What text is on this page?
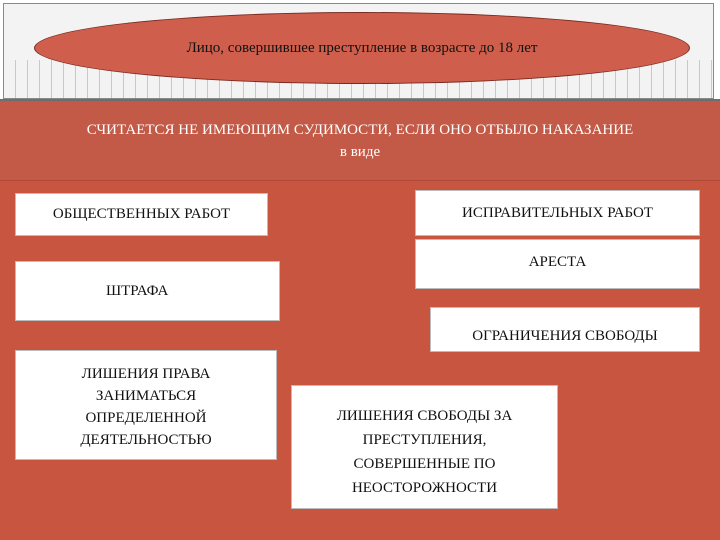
Лицо, совершившее преступление в возрасте до 18 лет
СЧИТАЕТСЯ НЕ ИМЕЮЩИМ СУДИМОСТИ, ЕСЛИ ОНО ОТБЫЛО НАКАЗАНИЕ
в виде
ОБЩЕСТВЕННЫХ РАБОТ	ИСПРАВИТЕЛЬНЫХ РАБОТ
АРЕСТА
ШТРАФА
ОГРАНИЧЕНИЯ СВОБОДЫ
ЛИШЕНИЯ ПРАВА
ЗАНИМАТЬСЯ
ОПРЕДЕЛЕННОЙ
ДЕЯТЕЛЬНОСТЬЮ
ЛИШЕНИЯ СВОБОДЫ ЗА
ПРЕСТУПЛЕНИЯ,
СОВЕРШЕННЫЕ ПО
НЕОСТОРОЖНОСТИ
